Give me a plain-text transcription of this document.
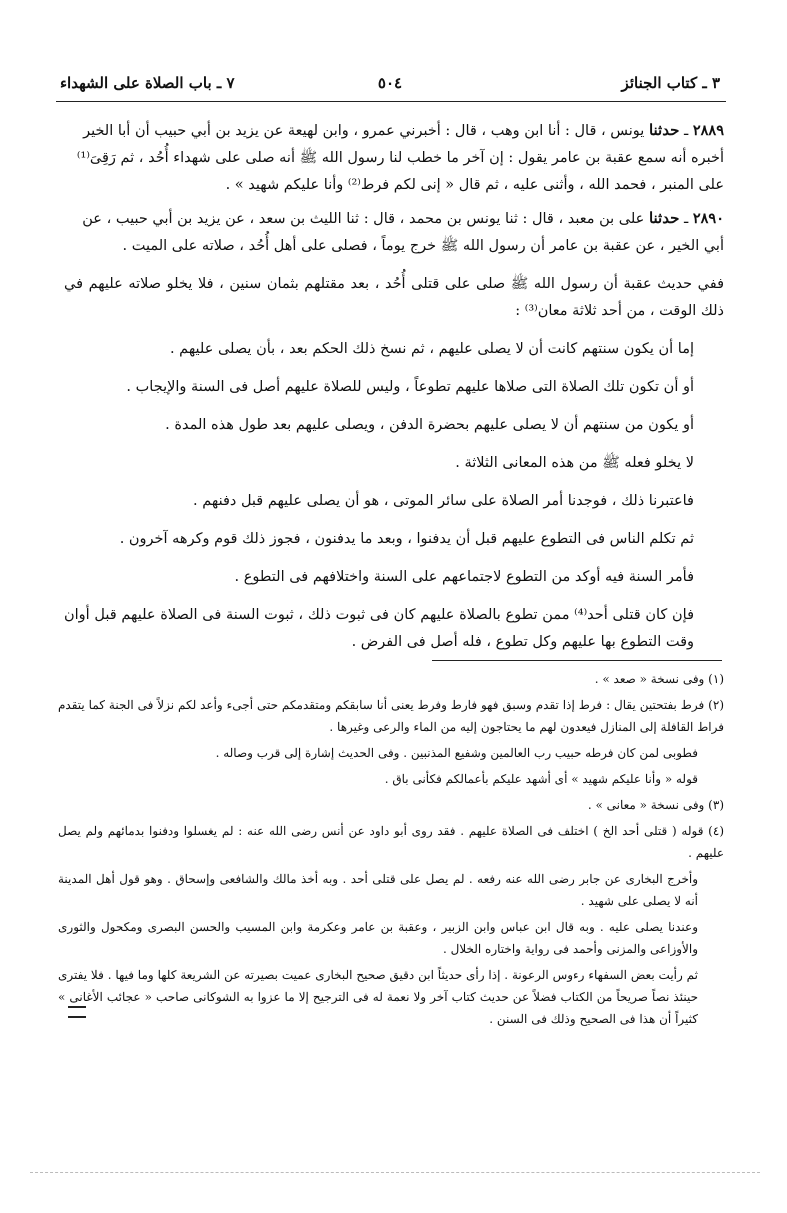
٣ ـ كتاب الجنائز
٥٠٤
٧ ـ باب الصلاة على الشهداء

٢٨٨٩ ـ حدثنا يونس ، قال : أنا ابن وهب ، قال : أخبرني عمرو ، وابن لهيعة عن يزيد بن أبي حبيب أن أبا الخير

أخبره أنه سمع عقبة بن عامر يقول : إن آخر ما خطب لنا رسول الله ﷺ أنه صلى على شهداء أُحُد ، ثم رَقِىَ⁽¹⁾

على المنبر ، فحمد الله ، وأثنى عليه ، ثم قال « إنى لكم فرط⁽²⁾ وأنا عليكم شهيد » .

٢٨٩٠ ـ حدثنا على بن معبد ، قال : ثنا يونس بن محمد ، قال : ثنا الليث بن سعد ، عن يزيد بن أبي حبيب ، عن

أبي الخير ، عن عقبة بن عامر أن رسول الله ﷺ خرج يوماً ، فصلى على أهل أُحُد ، صلاته على الميت .

ففي حديث عقبة أن رسول الله ﷺ صلى على قتلى أُحُد ، بعد مقتلهم بثمان سنين ، فلا يخلو صلاته عليهم في ذلك الوقت ، من أحد ثلاثة معان⁽³⁾ :

إما أن يكون سنتهم كانت أن لا يصلى عليهم ، ثم نسخ ذلك الحكم بعد ، بأن يصلى عليهم .

أو أن تكون تلك الصلاة التى صلاها عليهم تطوعاً ، وليس للصلاة عليهم أصل فى السنة والإيجاب .

أو يكون من سنتهم أن لا يصلى عليهم بحضرة الدفن ، ويصلى عليهم بعد طول هذه المدة .

لا يخلو فعله ﷺ من هذه المعانى الثلاثة .

فاعتبرنا ذلك ، فوجدنا أمر الصلاة على سائر الموتى ، هو أن يصلى عليهم قبل دفنهم .

ثم تكلم الناس فى التطوع عليهم قبل أن يدفنوا ، وبعد ما يدفنون ، فجوز ذلك قوم وكرهه آخرون .

فأمر السنة فيه أوكد من التطوع لاجتماعهم على السنة واختلافهم فى التطوع .

فإن كان قتلى أحد⁽⁴⁾ ممن تطوع بالصلاة عليهم كان فى ثبوت ذلك ، ثبوت السنة فى الصلاة عليهم قبل أوان وقت التطوع بها عليهم وكل تطوع ، فله أصل فى الفرض .

(١) وفى نسخة « صعد » .

(٢) فرط بفتحتين يقال : فرط إذا تقدم وسبق فهو فارط وفرط يعنى أنا سابقكم ومتقدمكم حتى أجىء وأعد لكم نزلاً فى الجنة كما يتقدم فراط القافلة إلى المنازل فيعدون لهم ما يحتاجون إليه من الماء والرعى وغيرها .

فطوبى لمن كان فرطه حبيب رب العالمين وشفيع المذنبين . وفى الحديث إشارة إلى قرب وصاله .

قوله « وأنا عليكم شهيد » أى أشهد عليكم بأعمالكم فكأنى باق .

(٣) وفى نسخة « معانى » .

(٤) قوله ( قتلى أحد الخ ) اختلف فى الصلاة عليهم . فقد روى أبو داود عن أنس رضى الله عنه : لم يغسلوا ودفنوا بدمائهم ولم يصل عليهم .

وأخرج البخارى عن جابر رضى الله عنه رفعه . لم يصل على قتلى أحد . وبه أخذ مالك والشافعى وإسحاق . وهو قول أهل المدينة أنه لا يصلى على شهيد .

وعندنا يصلى عليه . وبه قال ابن عباس وابن الزبير ، وعقبة بن عامر وعكرمة وابن المسيب والحسن البصرى ومكحول والثورى والأوزاعى والمزنى وأحمد فى رواية واختاره الخلال .

ثم رأيت بعض السفهاء رءوس الرعونة . إذا رأى حديثاً ابن دقيق صحيح البخارى عميت بصيرته عن الشريعة كلها وما فيها . فلا يفترى حينئذ نصاً صريحاً من الكتاب فضلاً عن حديث كتاب آخر ولا نعمة له فى الترجيح إلا ما عزوا به الشوكانى صاحب « عجائب الأغانى » كثيراً أن هذا فى الصحيح وذلك فى السنن .
